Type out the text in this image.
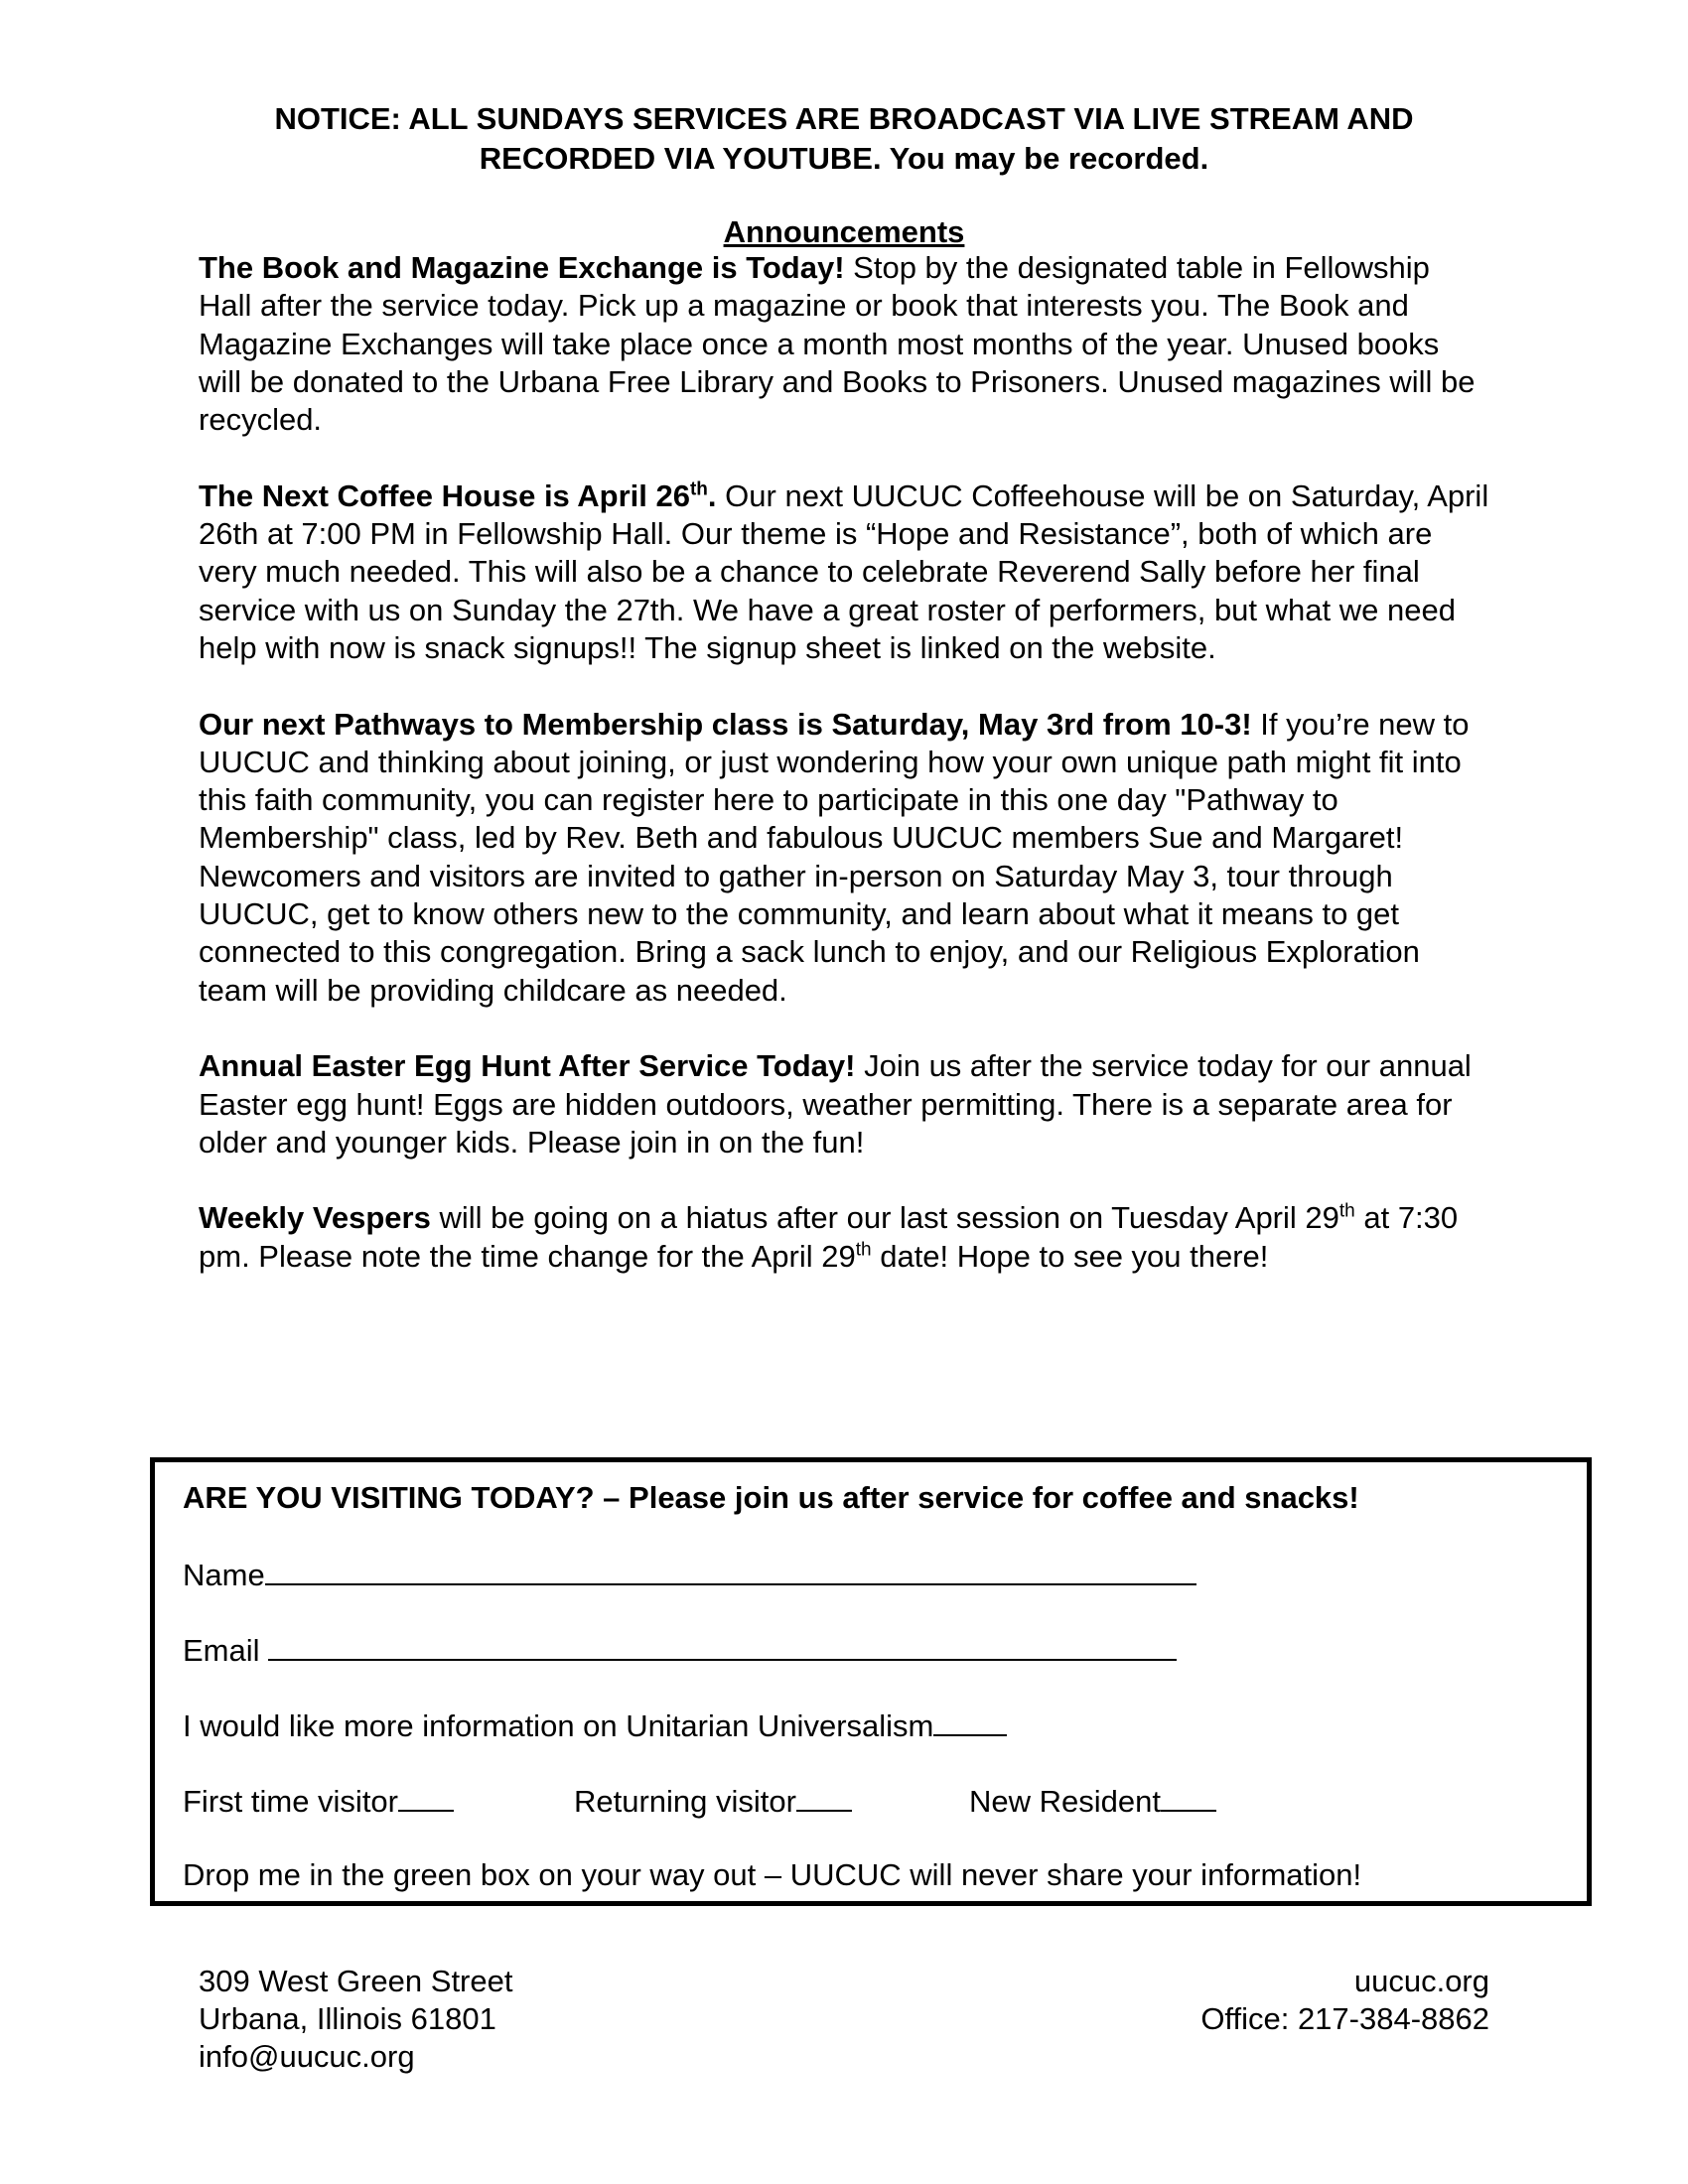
NOTICE: ALL SUNDAYS SERVICES ARE BROADCAST VIA LIVE STREAM AND
RECORDED VIA YOUTUBE. You may be recorded.
Announcements

The Book and Magazine Exchange is Today! Stop by the designated table in Fellowship Hall after the service today. Pick up a magazine or book that interests you. The Book and Magazine Exchanges will take place once a month most months of the year. Unused books will be donated to the Urbana Free Library and Books to Prisoners. Unused magazines will be recycled.

The Next Coffee House is April 26th. Our next UUCUC Coffeehouse will be on Saturday, April 26th at 7:00 PM in Fellowship Hall. Our theme is “Hope and Resistance”, both of which are very much needed. This will also be a chance to celebrate Reverend Sally before her final service with us on Sunday the 27th. We have a great roster of performers, but what we need help with now is snack signups!! The signup sheet is linked on the website.

Our next Pathways to Membership class is Saturday, May 3rd from 10-3! If you’re new to UUCUC and thinking about joining, or just wondering how your own unique path might fit into this faith community, you can register here to participate in this one day "Pathway to Membership" class, led by Rev. Beth and fabulous UUCUC members Sue and Margaret! Newcomers and visitors are invited to gather in-person on Saturday May 3, tour through UUCUC, get to know others new to the community, and learn about what it means to get connected to this congregation. Bring a sack lunch to enjoy, and our Religious Exploration team will be providing childcare as needed.

Annual Easter Egg Hunt After Service Today! Join us after the service today for our annual Easter egg hunt! Eggs are hidden outdoors, weather permitting. There is a separate area for older and younger kids. Please join in on the fun!

Weekly Vespers will be going on a hiatus after our last session on Tuesday April 29th at 7:30 pm. Please note the time change for the April 29th date! Hope to see you there!

ARE YOU VISITING TODAY? – Please join us after service for coffee and snacks!
Name
Email
I would like more information on Unitarian Universalism
First time visitor	Returning visitor	New Resident
Drop me in the green box on your way out – UUCUC will never share your information!
309 West Green Street
Urbana, Illinois 61801
info@uucuc.org
uucuc.org
Office: 217-384-8862
